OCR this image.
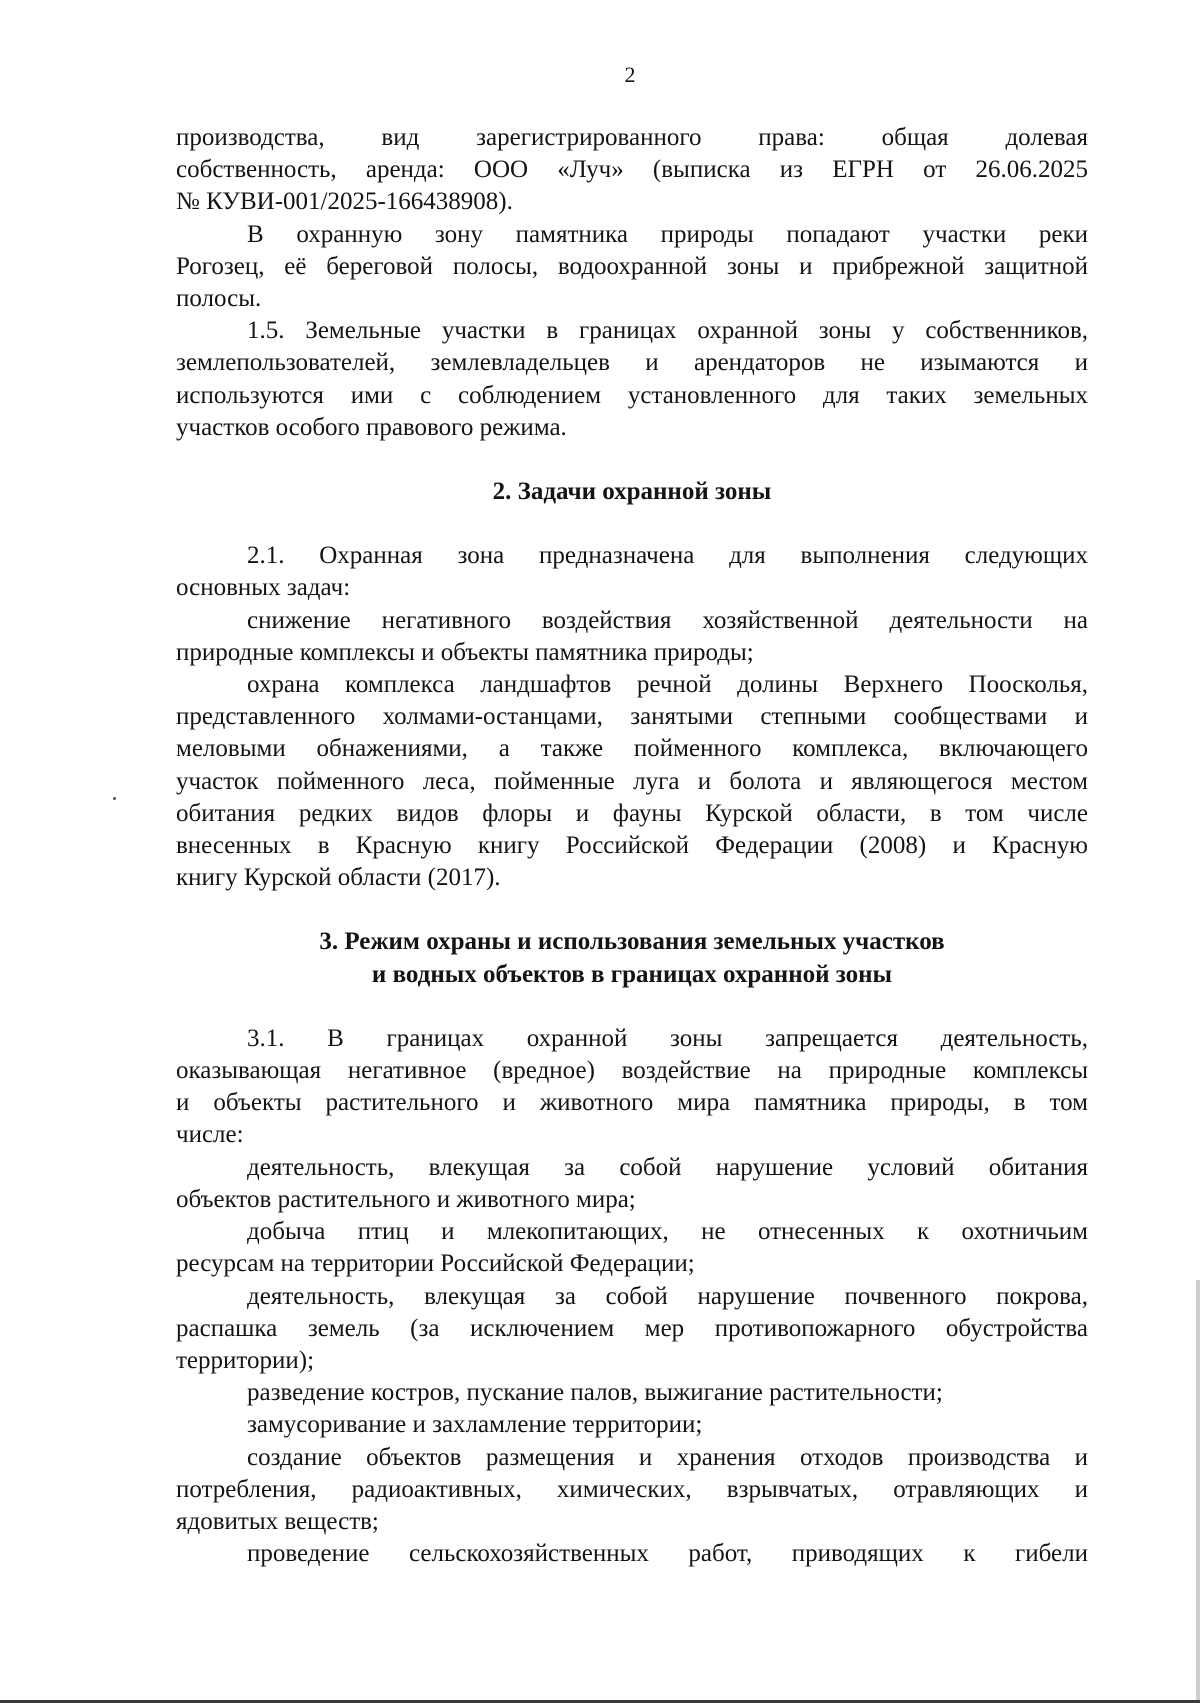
2

производства, вид зарегистрированного права: общая долевая
собственность, аренда: ООО «Луч» (выписка из ЕГРН от 26.06.2025
№ КУВИ-001/2025-166438908).

В охранную зону памятника природы попадают участки реки
Рогозец, её береговой полосы, водоохранной зоны и прибрежной защитной
полосы.

1.5. Земельные участки в границах охранной зоны у собственников,
землепользователей, землевладельцев и арендаторов не изымаются и
используются ими с соблюдением установленного для таких земельных
участков особого правового режима.

2. Задачи охранной зоны

2.1. Охранная зона предназначена для выполнения следующих
основных задач:

снижение негативного воздействия хозяйственной деятельности на
природные комплексы и объекты памятника природы;

охрана комплекса ландшафтов речной долины Верхнего Поосколья,
представленного холмами-останцами, занятыми степными сообществами и
меловыми обнажениями, а также пойменного комплекса, включающего
участок пойменного леса, пойменные луга и болота и являющегося местом
обитания редких видов флоры и фауны Курской области, в том числе
внесенных в Красную книгу Российской Федерации (2008) и Красную
книгу Курской области (2017).

3. Режим охраны и использования земельных участков
и водных объектов в границах охранной зоны

3.1. В границах охранной зоны запрещается деятельность,
оказывающая негативное (вредное) воздействие на природные комплексы
и объекты растительного и животного мира памятника природы, в том
числе:

деятельность, влекущая за собой нарушение условий обитания
объектов растительного и животного мира;

добыча птиц и млекопитающих, не отнесенных к охотничьим
ресурсам на территории Российской Федерации;

деятельность, влекущая за собой нарушение почвенного покрова,
распашка земель (за исключением мер противопожарного обустройства
территории);

разведение костров, пускание палов, выжигание растительности;

замусоривание и захламление территории;

создание объектов размещения и хранения отходов производства и
потребления, радиоактивных, химических, взрывчатых, отравляющих и
ядовитых веществ;

проведение сельскохозяйственных работ, приводящих к гибели
